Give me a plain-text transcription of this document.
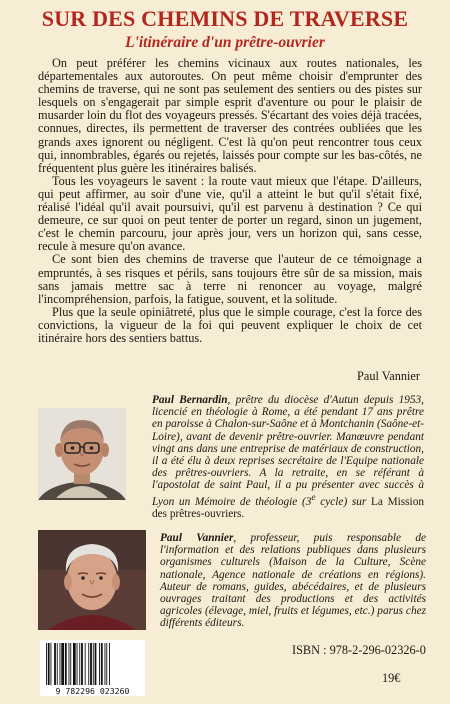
SUR DES CHEMINS DE TRAVERSE
L'itinéraire d'un prêtre-ouvrier

On peut préférer les chemins vicinaux aux routes nationales, les départementales aux autoroutes. On peut même choisir d'emprunter des chemins de traverse, qui ne sont pas seulement des sentiers ou des pistes sur lesquels on s'engagerait par simple esprit d'aventure ou pour le plaisir de musarder loin du flot des voyageurs pressés. S'écartant des voies déjà tracées, connues, directes, ils permettent de traverser des contrées oubliées que les grands axes ignorent ou négligent. C'est là qu'on peut rencontrer tous ceux qui, innombrables, égarés ou rejetés, laissés pour compte sur les bas-côtés, ne fréquentent plus guère les itinéraires balisés.

Tous les voyageurs le savent : la route vaut mieux que l'étape. D'ailleurs, qui peut affirmer, au soir d'une vie, qu'il a atteint le but qu'il s'était fixé, réalisé l'idéal qu'il avait poursuivi, qu'il est parvenu à destination ? Ce qui demeure, ce sur quoi on peut tenter de porter un regard, sinon un jugement, c'est le chemin parcouru, jour après jour, vers un horizon qui, sans cesse, recule à mesure qu'on avance.

Ce sont bien des chemins de traverse que l'auteur de ce témoignage a empruntés, à ses risques et périls, sans toujours être sûr de sa mission, mais sans jamais mettre sac à terre ni renoncer au voyage, malgré l'incompréhension, parfois, la fatigue, souvent, et la solitude.

Plus que la seule opiniâtreté, plus que le simple courage, c'est la force des convictions, la vigueur de la foi qui peuvent expliquer le choix de cet itinéraire hors des sentiers battus.

Paul Vannier
Paul Bernardin, prêtre du diocèse d'Autun depuis 1953, licencié en théologie à Rome, a été pendant 17 ans prêtre en paroisse à Chalon-sur-Saône et à Montchanin (Saône-et-Loire), avant de devenir prêtre-ouvrier. Manœuvre pendant vingt ans dans une entreprise de matériaux de construction, il a été élu à deux reprises secrétaire de l'Equipe nationale des prêtres-ouvriers. A la retraite, en se référant à l'apostolat de saint Paul, il a pu présenter avec succès à Lyon un Mémoire de théologie (3e cycle) sur La Mission des prêtres-ouvriers.
Paul Vannier, professeur, puis responsable de l'information et des relations publiques dans plusieurs organismes culturels (Maison de la Culture, Scène nationale, Agence nationale de créations en régions). Auteur de romans, guides, abécédaires, et de plusieurs ouvrages traitant des productions et des activités agricoles (élevage, miel, fruits et légumes, etc.) parus chez différents éditeurs.
9 782296 023260
ISBN : 978-2-296-02326-0
19€
